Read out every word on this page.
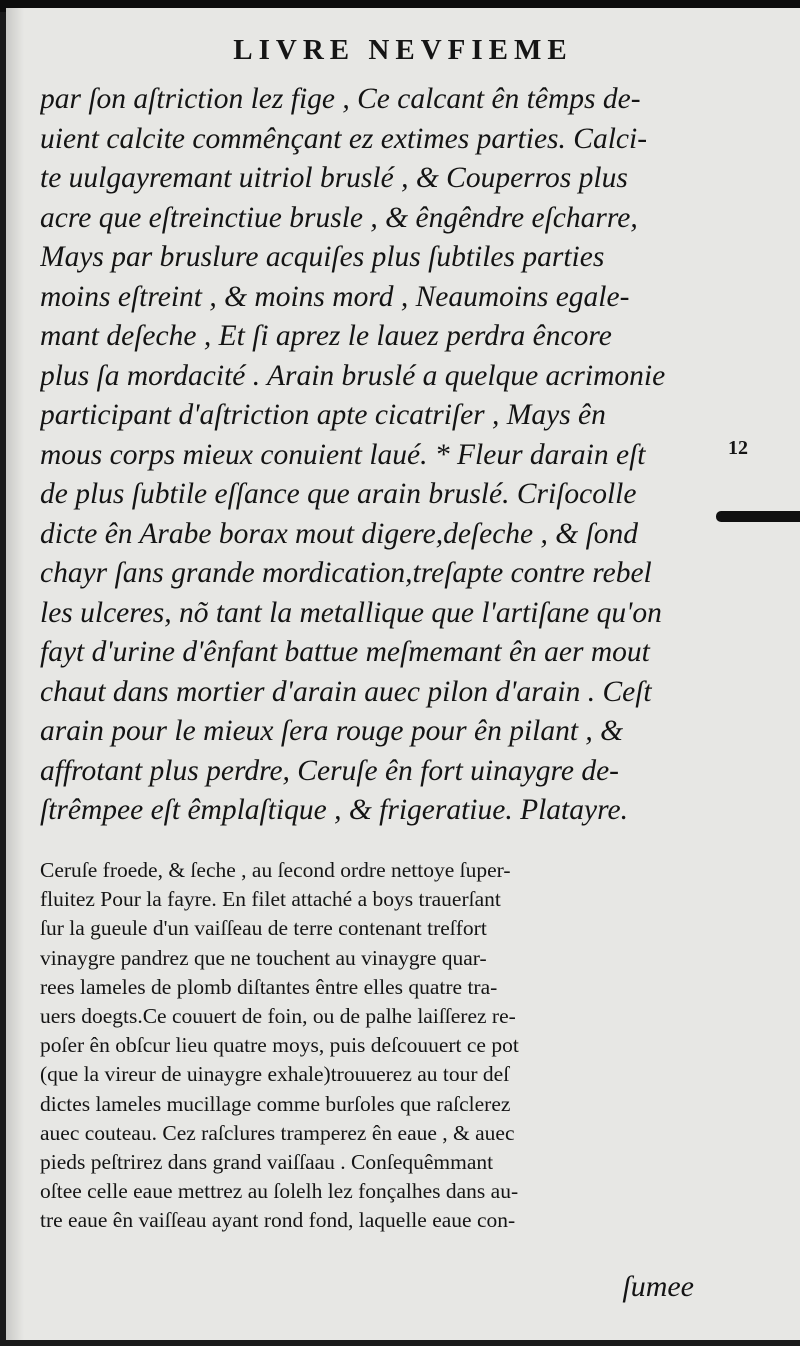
LIVRE NEVFIEME
par ſon aſtriction lez fige , Ce calcant ên têmps de-
uient calcite commênçant ez extimes parties. Calci-
te uulgayremant uitriol bruslé , & Couperros plus
acre que eſtreinctiue brusle , & êngêndre eſcharre,
Mays par bruslure acquiſes plus ſubtiles parties
moins eſtreint , & moins mord , Neaumoins egale-
mant deſeche , Et ſi aprez le lauez perdra êncore
plus ſa mordacité . Arain bruslé a quelque acrimonie
participant d'aſtriction apte cicatriſer , Mays ên
mous corps mieux conuient laué. * Fleur darain eſt
de plus ſubtile eſſance que arain bruslé. Criſocolle
dicte ên Arabe borax mout digere,deſeche , & ſond
chayr ſans grande mordication,treſapte contre rebel
les ulceres, nõ tant la metallique que l'artiſane qu'on
fayt d'urine d'ênfant battue meſmemant ên aer mout
chaut dans mortier d'arain auec pilon d'arain . Ceſt
arain pour le mieux ſera rouge pour ên pilant , &
affrotant plus perdre, Ceruſe ên fort uinaygre de-
ſtrêmpee eſt êmplaſtique , & frigeratiue. Platayre.
Ceruſe froede, & ſeche , au ſecond ordre nettoye ſuper-
fluitez Pour la fayre. En filet attaché a boys trauerſant
ſur la gueule d'un vaiſſeau de terre contenant treſfort
vinaygre pandrez que ne touchent au vinaygre quar-
rees lameles de plomb diſtantes êntre elles quatre tra-
uers doegts.Ce couuert de foin, ou de palhe laiſſerez re-
poſer ên obſcur lieu quatre moys, puis deſcouuert ce pot
(que la vireur de uinaygre exhale)trouuerez au tour deſ
dictes lameles mucillage comme burſoles que raſclerez
auec couteau. Cez raſclures tramperez ên eaue , & auec
pieds peſtrirez dans grand vaiſſaau . Conſequêmmant
oſtee celle eaue mettrez au ſolelh lez fonçalhes dans au-
tre eaue ên vaiſſeau ayant rond fond, laquelle eaue con-
ſumee
12
